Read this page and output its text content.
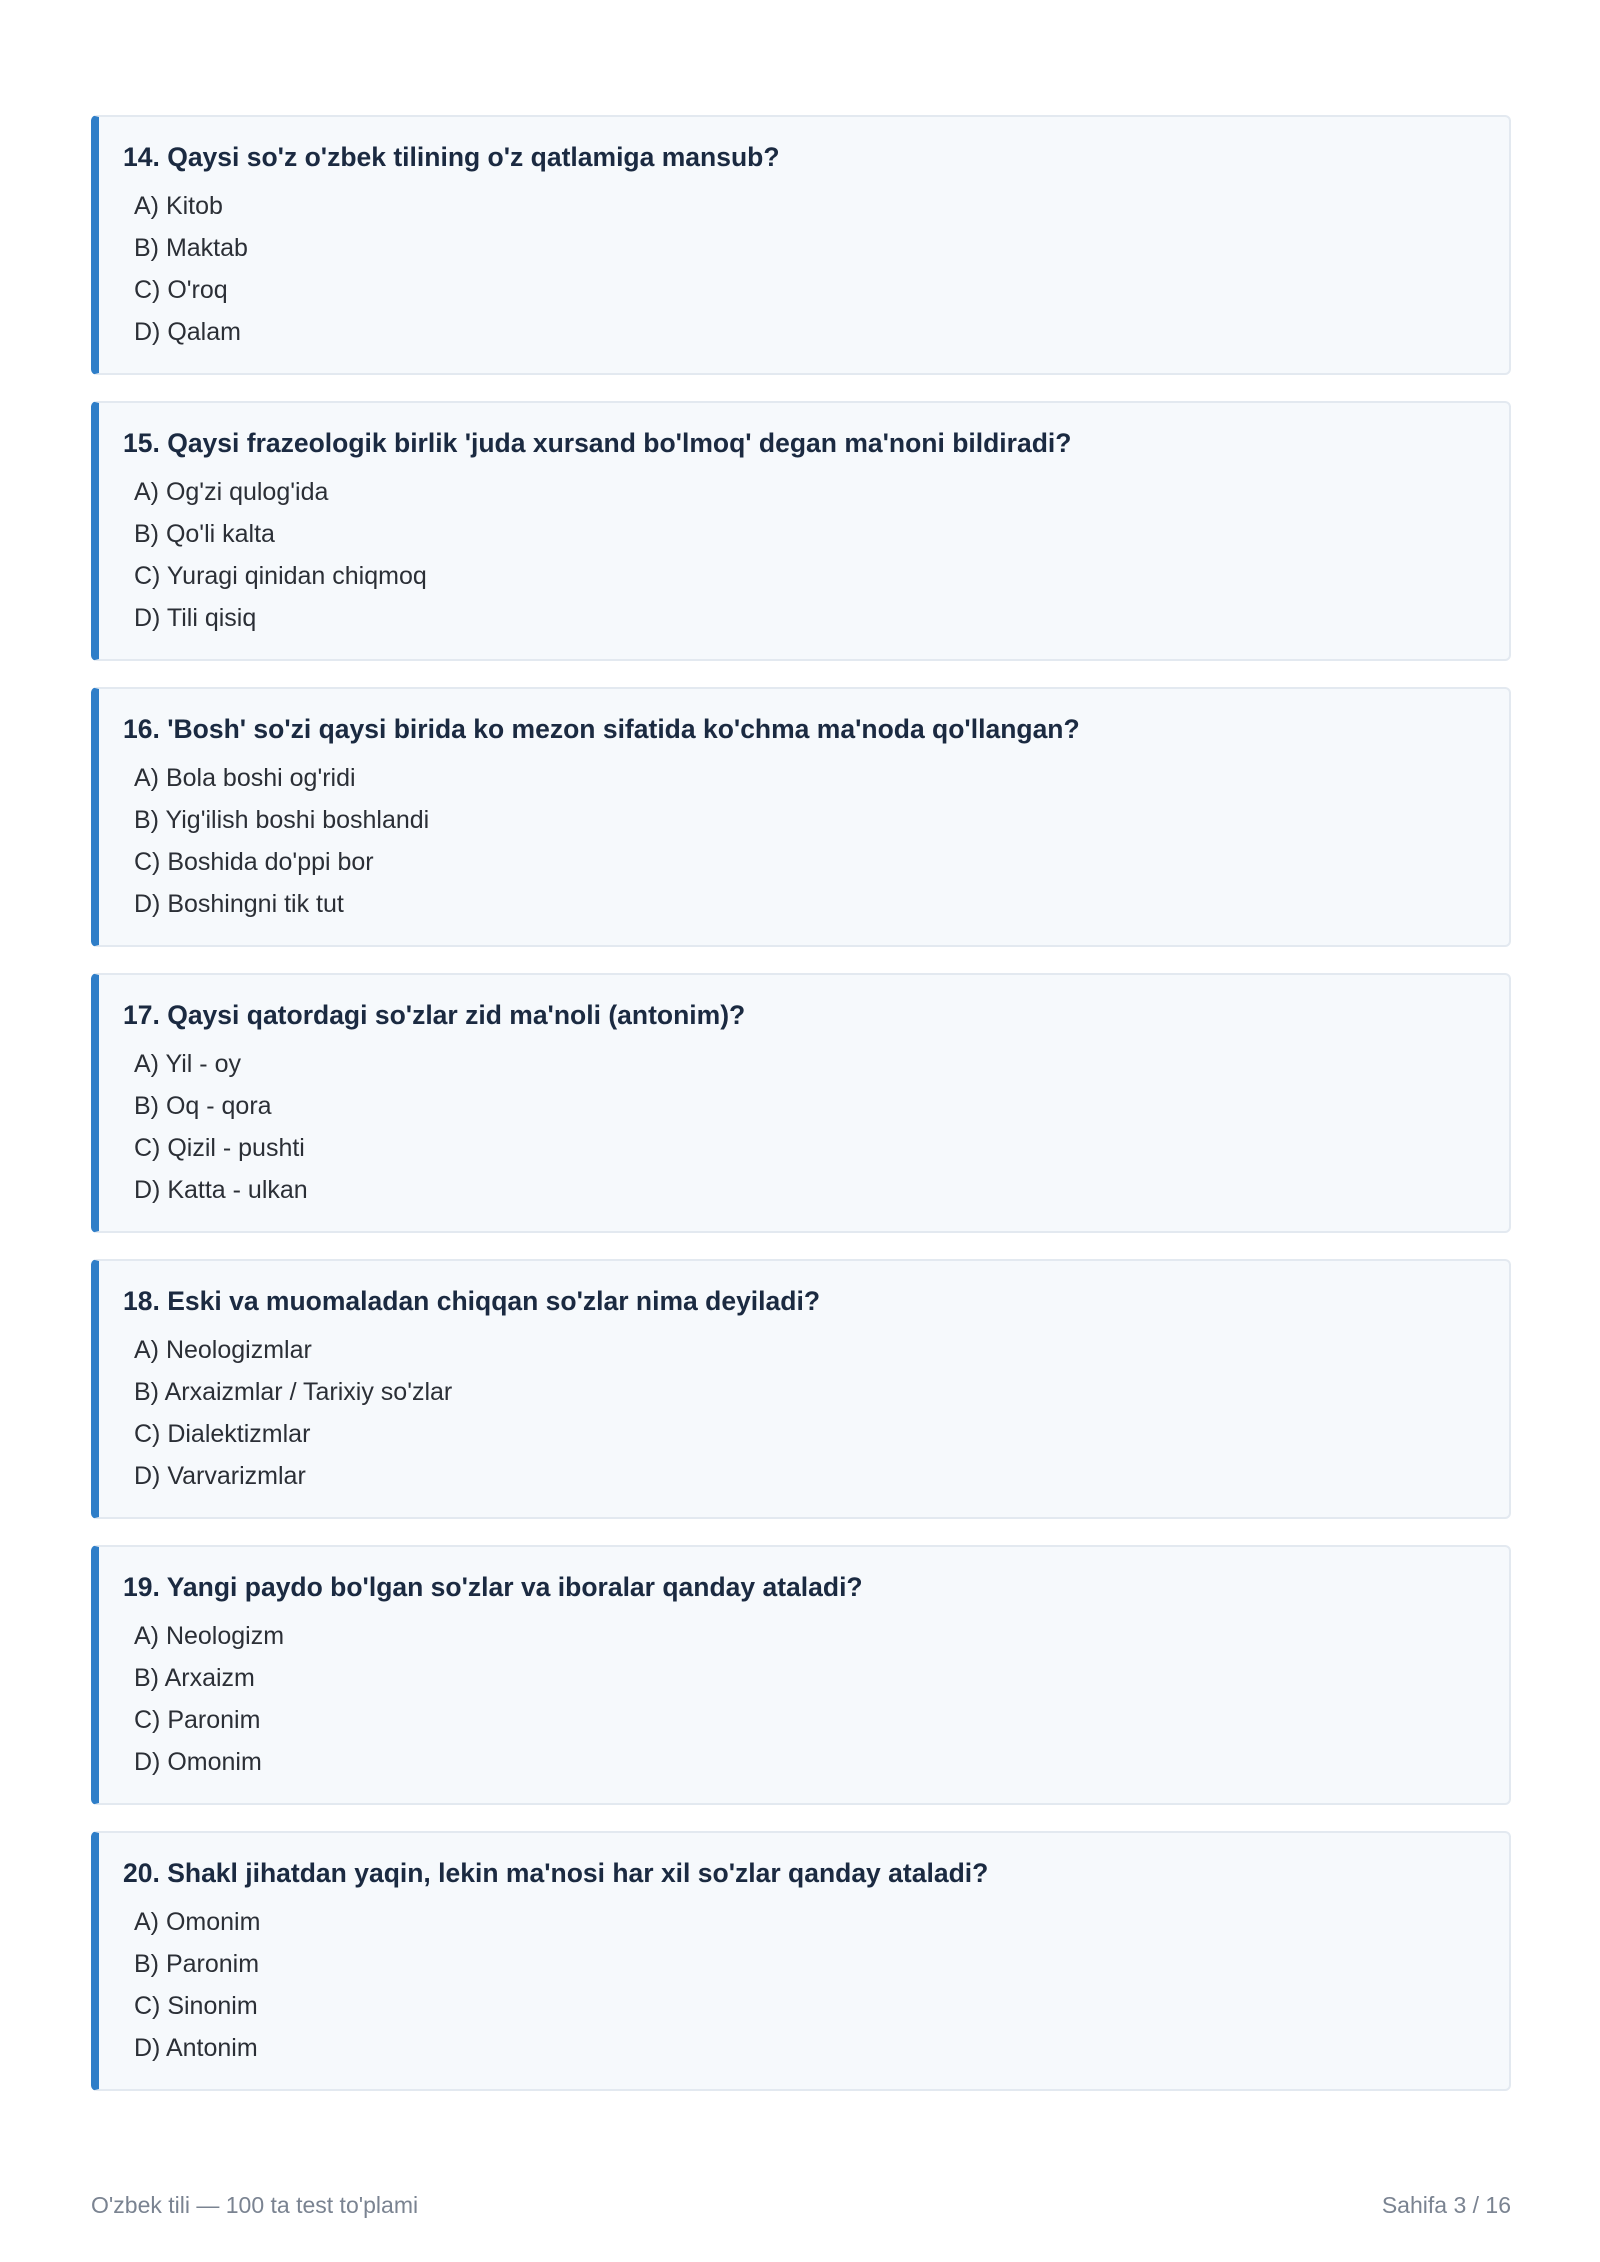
14. Qaysi so'z o'zbek tilining o'z qatlamiga mansub?
A) Kitob
B) Maktab
C) O'roq
D) Qalam
15. Qaysi frazeologik birlik 'juda xursand bo'lmoq' degan ma'noni bildiradi?
A) Og'zi qulog'ida
B) Qo'li kalta
C) Yuragi qinidan chiqmoq
D) Tili qisiq
16. 'Bosh' so'zi qaysi birida ko mezon sifatida ko'chma ma'noda qo'llangan?
A) Bola boshi og'ridi
B) Yig'ilish boshi boshlandi
C) Boshida do'ppi bor
D) Boshingni tik tut
17. Qaysi qatordagi so'zlar zid ma'noli (antonim)?
A) Yil - oy
B) Oq - qora
C) Qizil - pushti
D) Katta - ulkan
18. Eski va muomaladan chiqqan so'zlar nima deyiladi?
A) Neologizmlar
B) Arxaizmlar / Tarixiy so'zlar
C) Dialektizmlar
D) Varvarizmlar
19. Yangi paydo bo'lgan so'zlar va iboralar qanday ataladi?
A) Neologizm
B) Arxaizm
C) Paronim
D) Omonim
20. Shakl jihatdan yaqin, lekin ma'nosi har xil so'zlar qanday ataladi?
A) Omonim
B) Paronim
C) Sinonim
D) Antonim
O'zbek tili — 100 ta test to'plami	Sahifa 3 / 16
